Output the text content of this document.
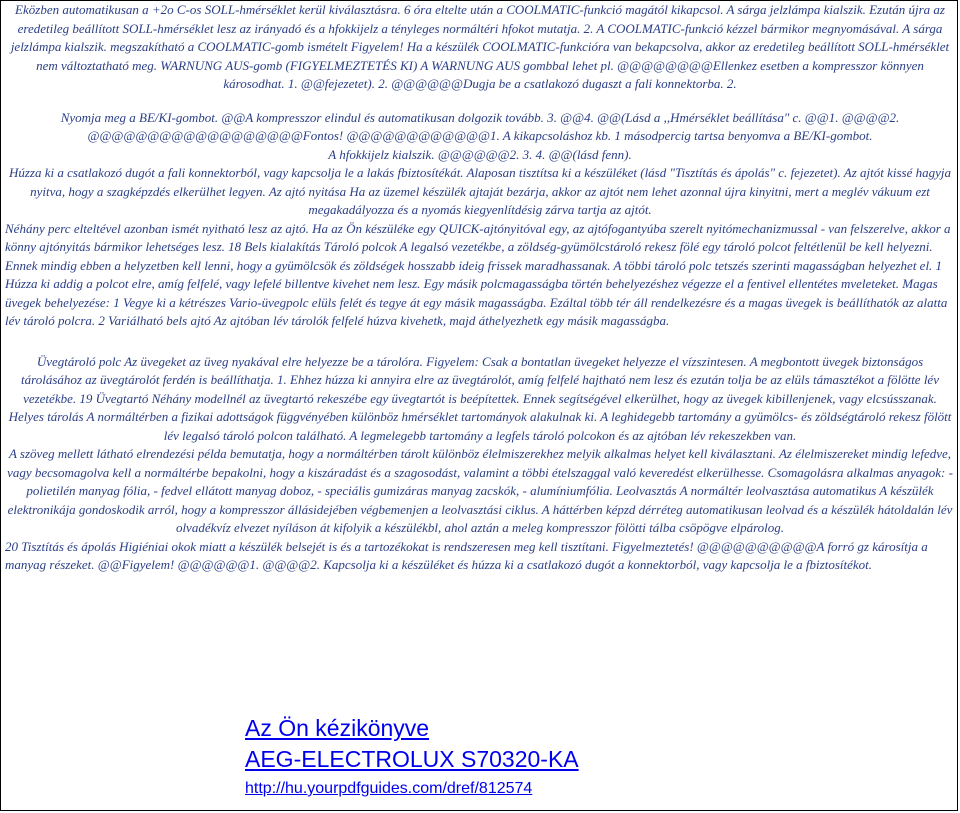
Eközben automatikusan a +2o C-os SOLL-hmérséklet kerül kiválasztásra. 6 óra eltelte után a COOLMATIC-funkció magától kikapcsol. A sárga jelzlámpa kialszik. Ezután újra az eredetileg beállított SOLL-hmérséklet lesz az irányadó és a hfokkijelz a tényleges normáltéri hfokot mutatja. 2. A COOLMATIC-funkció kézzel bármikor megnyomásával. A sárga jelzlámpa kialszik. megszakítható a COOLMATIC-gomb ismételt Figyelem! Ha a készülék COOLMATIC-funkcióra van bekapcsolva, akkor az eredetileg beállított SOLL-hmérséklet nem változtatható meg. WARNUNG AUS-gomb (FIGYELMEZTETÉS KI) A WARNUNG AUS gombbal lehet pl. @@@@@@@@Ellenkez esetben a kompresszor könnyen károsodhat. 1. @@fejezetet). 2. @@@@@@Dugja be a csatlakozó dugaszt a fali konnektorba. 2.

Nyomja meg a BE/KI-gombot. @@A kompresszor elindul és automatikusan dolgozik tovább. 3. @@4. @@(Lásd a ,,Hmérséklet beállítása" c. @@1. @@@@2. @@@@@@@@@@@@@@@@@@Fontos! @@@@@@@@@@@@1. A kikapcsoláshoz kb. 1 másodpercig tartsa benyomva a BE/KI-gombot.

A hfokkijelz kialszik. @@@@@@2. 3. 4. @@(lásd fenn).

Húzza ki a csatlakozó dugót a fali konnektorból, vagy kapcsolja le a lakás fbiztosítékát. Alaposan tisztítsa ki a készüléket (lásd "Tisztítás és ápolás" c. fejezetet). Az ajtót kissé hagyja nyitva, hogy a szagképzdés elkerülhet legyen. Az ajtó nyitása Ha az üzemel készülék ajtaját bezárja, akkor az ajtót nem lehet azonnal újra kinyitni, mert a meglév vákuum ezt megakadályozza és a nyomás kiegyenlítdésig zárva tartja az ajtót.

Néhány perc elteltével azonban ismét nyitható lesz az ajtó. Ha az Ön készüléke egy QUICK-ajtónyitóval egy, az ajtófogantyúba szerelt nyitómechanizmussal - van felszerelve, akkor a könny ajtónyitás bármikor lehetséges lesz. 18 Bels kialakítás Tároló polcok A legalsó vezetékbe, a zöldség-gyümölcstároló rekesz fölé egy tároló polcot feltétlenül be kell helyezni. Ennek mindig ebben a helyzetben kell lenni, hogy a gyümölcsök és zöldségek hosszabb ideig frissek maradhassanak. A többi tároló polc tetszés szerinti magasságban helyezhet el. 1 Húzza ki addig a polcot elre, amíg felfelé, vagy lefelé billentve kivehet nem lesz. Egy másik polcmagasságba történ behelyezéshez végezze el a fentivel ellentétes mveleteket. Magas üvegek behelyezése: 1 Vegye ki a kétrészes Vario-üvegpolc elüls felét és tegye át egy másik magasságba. Ezáltal több tér áll rendelkezésre és a magas üvegek is beállíthatók az alatta lév tároló polcra. 2 Variálható bels ajtó Az ajtóban lév tárolók felfelé húzva kivehetk, majd áthelyezhetk egy másik magasságba.

Üvegtároló polc Az üvegeket az üveg nyakával elre helyezze be a tárolóra. Figyelem: Csak a bontatlan üvegeket helyezze el vízszintesen. A megbontott üvegek biztonságos tárolásához az üvegtárolót ferdén is beállíthatja. 1. Ehhez húzza ki annyira elre az üvegtárolót, amíg felfelé hajtható nem lesz és ezután tolja be az elüls támasztékot a fölötte lév vezetékbe. 19 Üvegtartó Néhány modellnél az üvegtartó rekeszébe egy üvegtartót is beépítettek. Ennek segítségével elkerülhet, hogy az üvegek kibillenjenek, vagy elcsússzanak. Helyes tárolás A normáltérben a fizikai adottságok függvényében különböz hmérséklet tartományok alakulnak ki. A leghidegebb tartomány a gyümölcs- és zöldségtároló rekesz fölött lév legalsó tároló polcon található. A legmelegebb tartomány a legfels tároló polcokon és az ajtóban lév rekeszekben van.

A szöveg mellett látható elrendezési példa bemutatja, hogy a normáltérben tárolt különböz élelmiszerekhez melyik alkalmas helyet kell kiválasztani. Az élelmiszereket mindig lefedve, vagy becsomagolva kell a normáltérbe bepakolni, hogy a kiszáradást és a szagosodást, valamint a többi ételszaggal való keveredést elkerülhesse. Csomagolásra alkalmas anyagok: - polietilén manyag fólia, - fedvel ellátott manyag doboz, - speciális gumizáras manyag zacskók, - alumíniumfólia. Leolvasztás A normáltér leolvasztása automatikus A készülék elektronikája gondoskodik arról, hogy a kompresszor állásidejében végbemenjen a leolvasztási ciklus. A háttérben képzd dérréteg automatikusan leolvad és a készülék hátoldalán lév olvadékvíz elvezet nyíláson át kifolyik a készülékbl, ahol aztán a meleg kompresszor fölötti tálba csöpögve elpárolog.

20 Tisztítás és ápolás Higiéniai okok miatt a készülék belsejét is és a tartozékokat is rendszeresen meg kell tisztítani. Figyelmeztetés! @@@@@@@@@@A forró gz károsítja a manyag részeket. @@Figyelem! @@@@@@1. @@@@2. Kapcsolja ki a készüléket és húzza ki a csatlakozó dugót a konnektorból, vagy kapcsolja le a fbiztosítékot.

Az Ön kézikönyve
AEG-ELECTROLUX S70320-KA
http://hu.yourpdfguides.com/dref/812574
